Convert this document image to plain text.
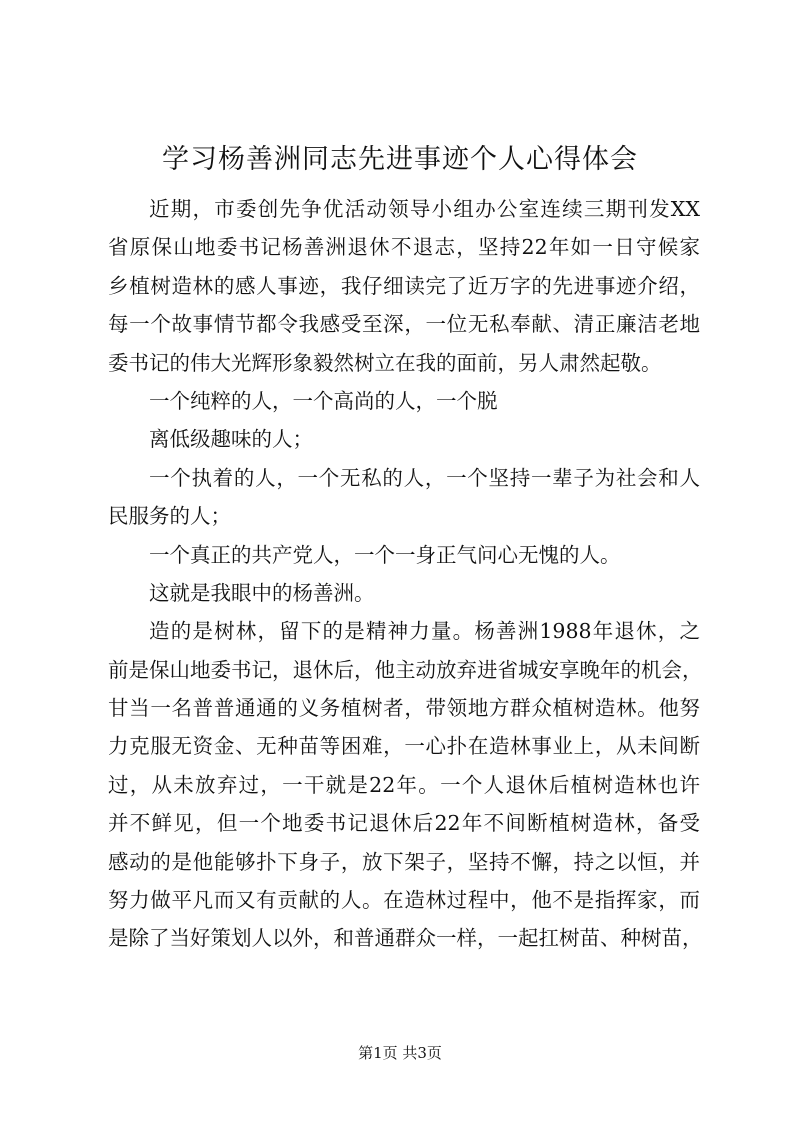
学习杨善洲同志先进事迹个人心得体会
近期，市委创先争优活动领导小组办公室连续三期刊发XX
省原保山地委书记杨善洲退休不退志，坚持22年如一日守候家
乡植树造林的感人事迹，我仔细读完了近万字的先进事迹介绍，
每一个故事情节都令我感受至深，一位无私奉献、清正廉洁老地
委书记的伟大光辉形象毅然树立在我的面前，另人肃然起敬。
一个纯粹的人，一个高尚的人，一个脱
离低级趣味的人；
一个执着的人，一个无私的人，一个坚持一辈子为社会和人
民服务的人；
一个真正的共产党人，一个一身正气问心无愧的人。
这就是我眼中的杨善洲。
造的是树林，留下的是精神力量。杨善洲1988年退休，之
前是保山地委书记，退休后，他主动放弃进省城安享晚年的机会，
甘当一名普普通通的义务植树者，带领地方群众植树造林。他努
力克服无资金、无种苗等困难，一心扑在造林事业上，从未间断
过，从未放弃过，一干就是22年。一个人退休后植树造林也许
并不鲜见，但一个地委书记退休后22年不间断植树造林，备受
感动的是他能够扑下身子，放下架子，坚持不懈，持之以恒，并
努力做平凡而又有贡献的人。在造林过程中，他不是指挥家，而
是除了当好策划人以外，和普通群众一样，一起扛树苗、种树苗，
第1页 共3页
